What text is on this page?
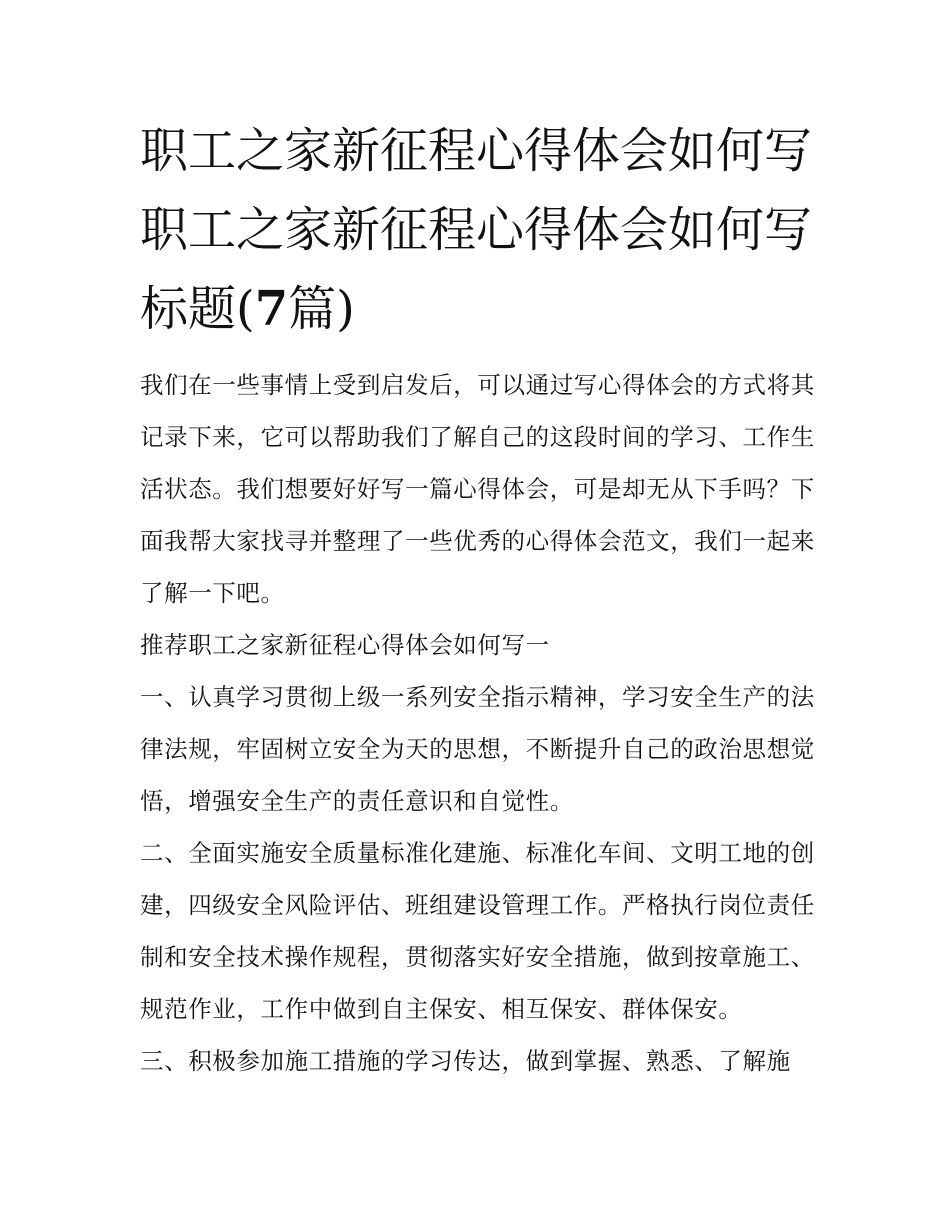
职工之家新征程心得体会如何写 职工之家新征程心得体会如何写标题(7篇)

我们在一些事情上受到启发后，可以通过写心得体会的方式将其记录下来，它可以帮助我们了解自己的这段时间的学习、工作生活状态。我们想要好好写一篇心得体会，可是却无从下手吗？下面我帮大家找寻并整理了一些优秀的心得体会范文，我们一起来了解一下吧。

推荐职工之家新征程心得体会如何写一

一、认真学习贯彻上级一系列安全指示精神，学习安全生产的法律法规，牢固树立安全为天的思想，不断提升自己的政治思想觉悟，增强安全生产的责任意识和自觉性。

二、全面实施安全质量标准化建施、标准化车间、文明工地的创建，四级安全风险评估、班组建设管理工作。严格执行岗位责任制和安全技术操作规程，贯彻落实好安全措施，做到按章施工、规范作业，工作中做到自主保安、相互保安、群体保安。

三、积极参加施工措施的学习传达，做到掌握、熟悉、了解施
